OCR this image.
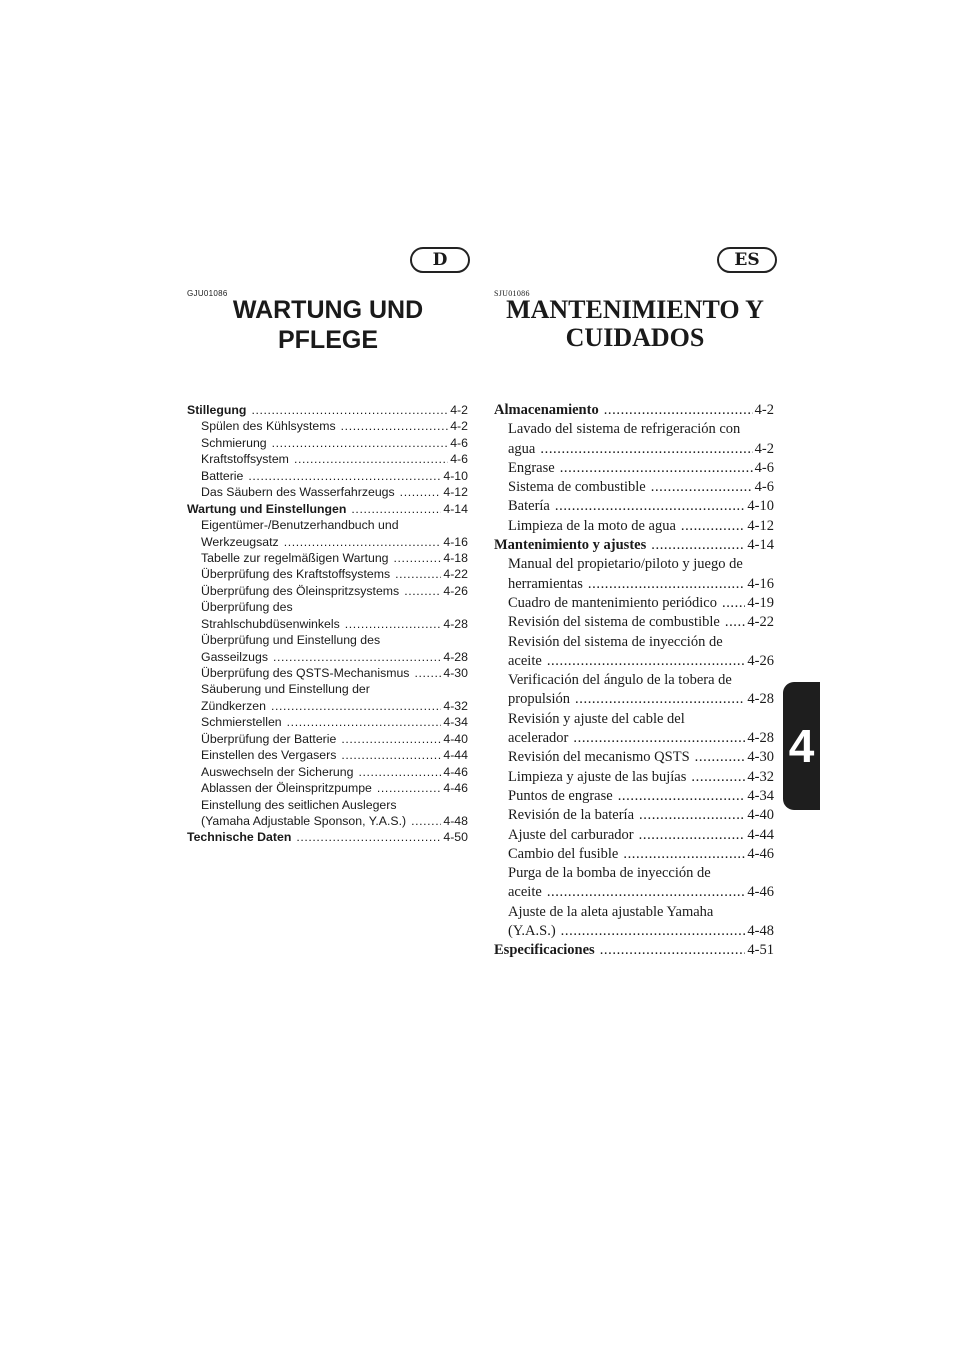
D	ES
GJU01086	SJU01086
WARTUNG UND
PFLEGE
MANTENIMIENTO Y
CUIDADOS
Stillegung .....	4-2
Spülen des Kühlsystems .....	4-2
Schmierung .....	4-6
Kraftstoffsystem .....	4-6
Batterie .....	4-10
Das Säubern des Wasserfahrzeugs .....	4-12
Wartung und Einstellungen .....	4-14
Eigentümer-/Benutzerhandbuch und
Werkzeugsatz .....	4-16
Tabelle zur regelmäßigen Wartung .....	4-18
Überprüfung des Kraftstoffsystems .....	4-22
Überprüfung des Öleinspritzsystems .....	4-26
Überprüfung des
Strahlschubdüsenwinkels .....	4-28
Überprüfung und Einstellung des
Gasseilzugs .....	4-28
Überprüfung des QSTS-Mechanismus .....	4-30
Säuberung und Einstellung der
Zündkerzen .....	4-32
Schmierstellen .....	4-34
Überprüfung der Batterie .....	4-40
Einstellen des Vergasers .....	4-44
Auswechseln der Sicherung .....	4-46
Ablassen der Öleinspritzpumpe .....	4-46
Einstellung des seitlichen Auslegers
(Yamaha Adjustable Sponson, Y.A.S.) .....	4-48
Technische Daten .....	4-50
Almacenamiento .....	4-2
Lavado del sistema de refrigeración con
agua .....	4-2
Engrase .....	4-6
Sistema de combustible .....	4-6
Batería .....	4-10
Limpieza de la moto de agua .....	4-12
Mantenimiento y ajustes .....	4-14
Manual del propietario/piloto y juego de
herramientas .....	4-16
Cuadro de mantenimiento periódico ..... 4-19
Revisión del sistema de combustible ..... 4-22
Revisión del sistema de inyección de
aceite .....	4-26
Verificación del ángulo de la tobera de
propulsión .....	4-28
Revisión y ajuste del cable del
acelerador .....	4-28
Revisión del mecanismo QSTS .....	4-30
Limpieza y ajuste de las bujías .....	4-32
Puntos de engrase .....	4-34
Revisión de la batería .....	4-40
Ajuste del carburador .....	4-44
Cambio del fusible .....	4-46
Purga de la bomba de inyección de
aceite .....	4-46
Ajuste de la aleta ajustable Yamaha
(Y.A.S.) .....	4-48
Especificaciones .....	4-51
4
